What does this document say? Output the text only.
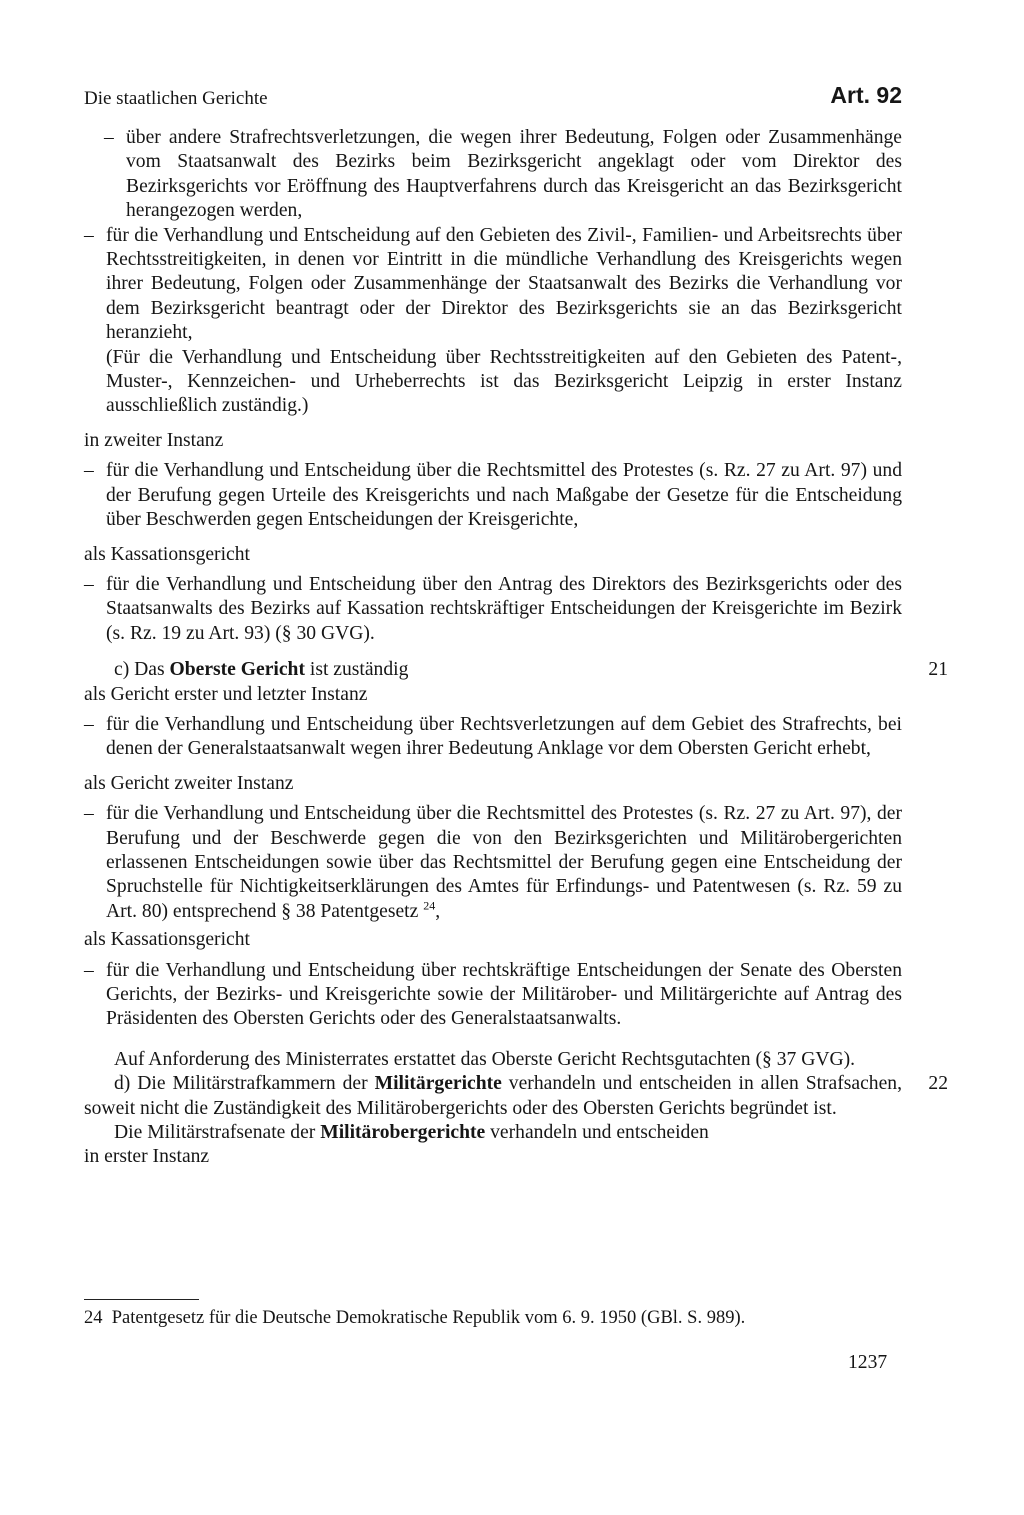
Die staatlichen Gerichte	Art. 92
– über andere Strafrechtsverletzungen, die wegen ihrer Bedeutung, Folgen oder Zusammenhänge vom Staatsanwalt des Bezirks beim Bezirksgericht angeklagt oder vom Direktor des Bezirksgerichts vor Eröffnung des Hauptverfahrens durch das Kreisgericht an das Bezirksgericht herangezogen werden,
– für die Verhandlung und Entscheidung auf den Gebieten des Zivil-, Familien- und Arbeitsrechts über Rechtsstreitigkeiten, in denen vor Eintritt in die mündliche Verhandlung des Kreisgerichts wegen ihrer Bedeutung, Folgen oder Zusammenhänge der Staatsanwalt des Bezirks die Verhandlung vor dem Bezirksgericht beantragt oder der Direktor des Bezirksgerichts sie an das Bezirksgericht heranzieht,
(Für die Verhandlung und Entscheidung über Rechtsstreitigkeiten auf den Gebieten des Patent-, Muster-, Kennzeichen- und Urheberrechts ist das Bezirksgericht Leipzig in erster Instanz ausschließlich zuständig.)
in zweiter Instanz
– für die Verhandlung und Entscheidung über die Rechtsmittel des Protestes (s. Rz. 27 zu Art. 97) und der Berufung gegen Urteile des Kreisgerichts und nach Maßgabe der Gesetze für die Entscheidung über Beschwerden gegen Entscheidungen der Kreisgerichte,
als Kassationsgericht
– für die Verhandlung und Entscheidung über den Antrag des Direktors des Bezirksgerichts oder des Staatsanwalts des Bezirks auf Kassation rechtskräftiger Entscheidungen der Kreisgerichte im Bezirk (s. Rz. 19 zu Art. 93) (§ 30 GVG).
c) Das Oberste Gericht ist zuständig	21
als Gericht erster und letzter Instanz
– für die Verhandlung und Entscheidung über Rechtsverletzungen auf dem Gebiet des Strafrechts, bei denen der Generalstaatsanwalt wegen ihrer Bedeutung Anklage vor dem Obersten Gericht erhebt,
als Gericht zweiter Instanz
– für die Verhandlung und Entscheidung über die Rechtsmittel des Protestes (s. Rz. 27 zu Art. 97), der Berufung und der Beschwerde gegen die von den Bezirksgerichten und Militärobergerichten erlassenen Entscheidungen sowie über das Rechtsmittel der Berufung gegen eine Entscheidung der Spruchstelle für Nichtigkeitserklärungen des Amtes für Erfindungs- und Patentwesen (s. Rz. 59 zu Art. 80) entsprechend § 38 Patentgesetz $^{24}$,
als Kassationsgericht
– für die Verhandlung und Entscheidung über rechtskräftige Entscheidungen der Senate des Obersten Gerichts, der Bezirks- und Kreisgerichte sowie der Militärober- und Militärgerichte auf Antrag des Präsidenten des Obersten Gerichts oder des Generalstaatsanwalts.
Auf Anforderung des Ministerrates erstattet das Oberste Gericht Rechtsgutachten (§ 37 GVG).
d) Die Militärstrafkammern der Militärgerichte verhandeln und entscheiden in allen Strafsachen, soweit nicht die Zuständigkeit des Militärobergerichts oder des Obersten Gerichts begründet ist.
22
Die Militärstrafsenate der Militärobergerichte verhandeln und entscheiden
in erster Instanz
24 Patentgesetz für die Deutsche Demokratische Republik vom 6. 9. 1950 (GBl. S. 989).
1237
